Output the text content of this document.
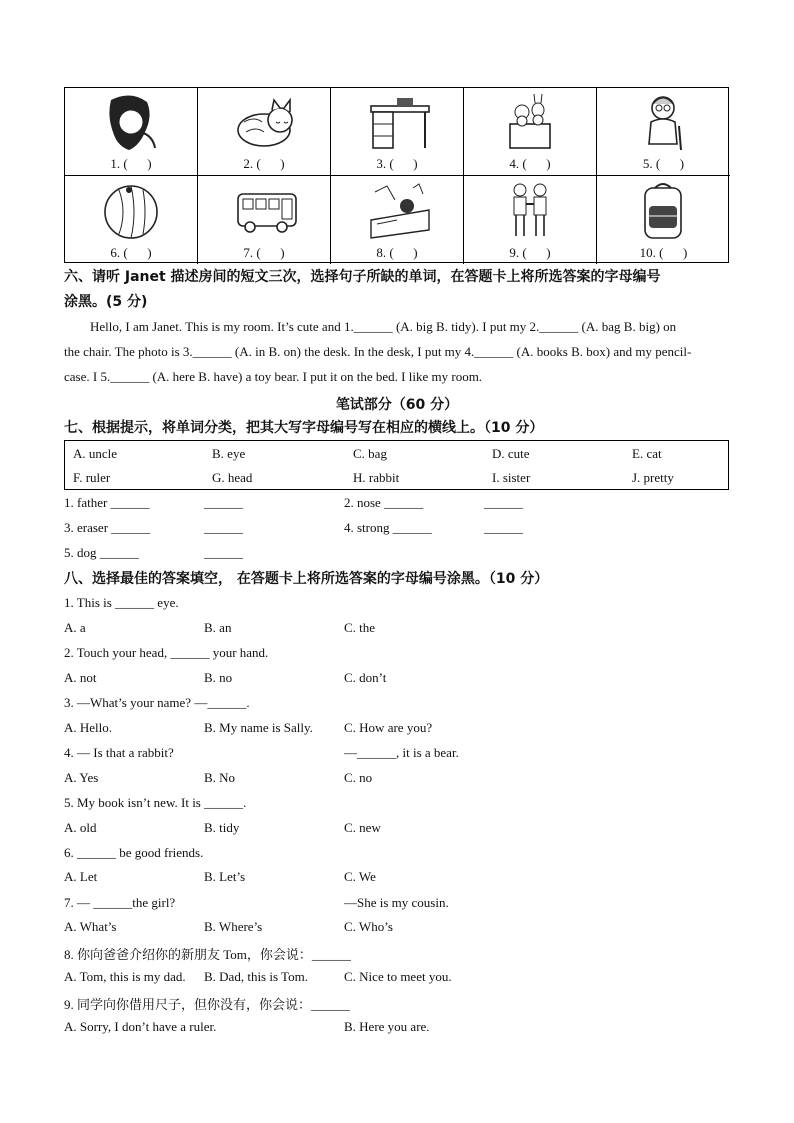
1. (      )	2. (      )	3. (      )	4. (      )	5. (      )
6. (      )	7. (      )	8. (      )	9. (      )	10. (      )
六、请听 Janet 描述房间的短文三次，选择句子所缺的单词，在答题卡上将所选答案的字母编号
涂黑。(5 分)
Hello, I am Janet. This is my room. It’s cute and 1.______ (A. big B. tidy). I put my 2.______ (A. bag B. big) on
the chair. The photo is 3.______ (A. in B. on) the desk. In the desk, I put my 4.______ (A. books B. box) and my pencil-
case. I 5.______ (A. here B. have) a toy bear. I put it on the bed. I like my room.
笔试部分（60 分）
七、根据提示，将单词分类，把其大写字母编号写在相应的横线上。（10 分）
A. uncle	B. eye	C. bag	D. cute	E. cat
F. ruler	G. head	H. rabbit	I. sister	J. pretty
1. father ______	______	2. nose ______	______
3. eraser ______	______	4. strong ______	______
5. dog ______	______
八、选择最佳的答案填空， 在答题卡上将所选答案的字母编号涂黑。（10 分）
1. This is ______ eye.
A. a	B. an	C. the
2. Touch your head, ______ your hand.
A. not	B. no	C. don’t
3. —What’s your name? —______.
A. Hello.	B. My name is Sally. C. How are you?
4. — Is that a rabbit?	—______, it is a bear.
A. Yes	B. No	C. no
5. My book isn’t new. It is ______.
A. old	B. tidy	C. new
6. ______ be good friends.
A. Let	B. Let’s	C. We
7. — ______the girl?	—She is my cousin.
A. What’s	B. Where’s	C. Who’s
8. 你向爸爸介绍你的新朋友 Tom，你会说：______
A. Tom, this is my dad. B. Dad, this is Tom.	C. Nice to meet you.
9. 同学向你借用尺子，但你没有，你会说：______
A. Sorry, I don’t have a ruler.	B. Here you are.
